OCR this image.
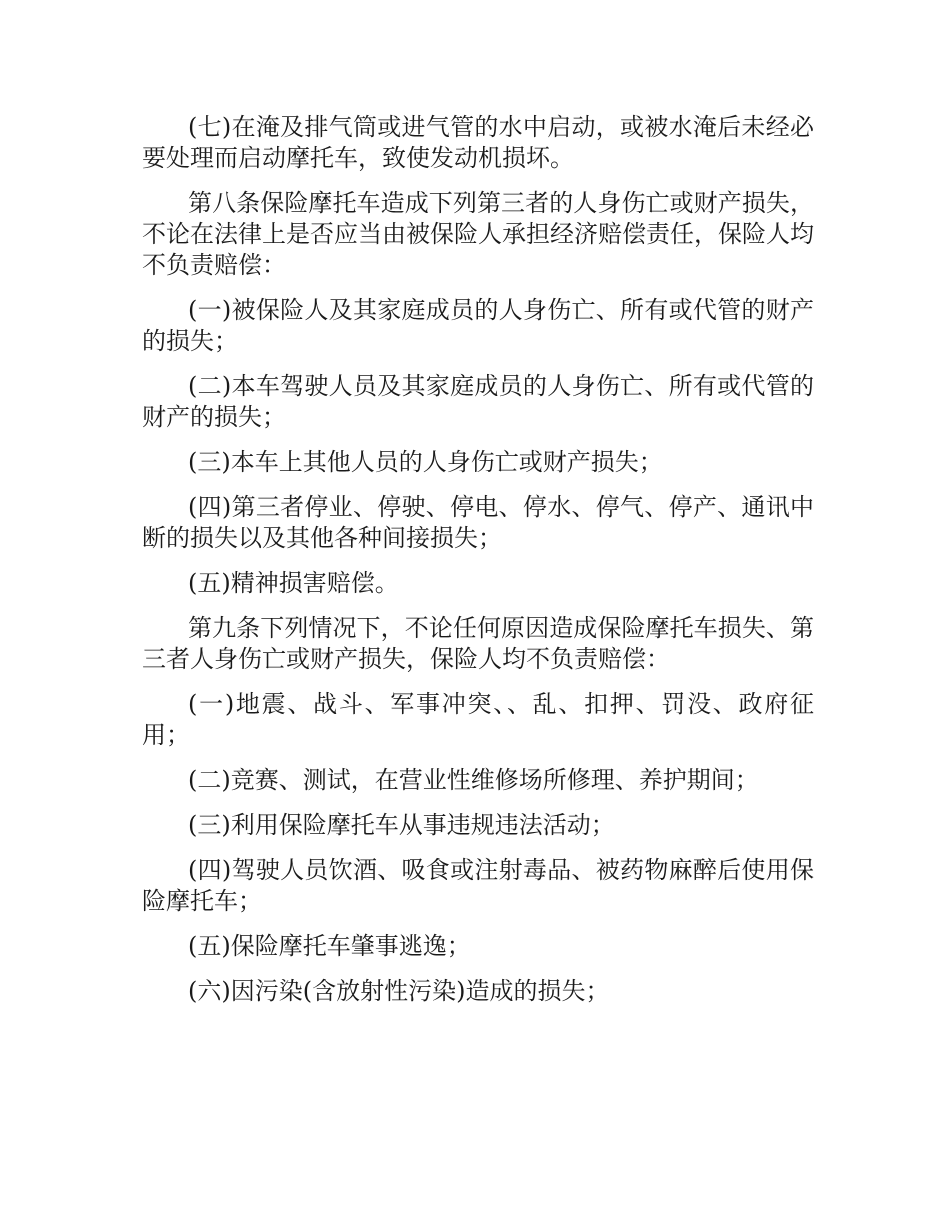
(七)在淹及排气筒或进气管的水中启动，或被水淹后未经必要处理而启动摩托车，致使发动机损坏。

第八条保险摩托车造成下列第三者的人身伤亡或财产损失，不论在法律上是否应当由被保险人承担经济赔偿责任，保险人均不负责赔偿：

(一)被保险人及其家庭成员的人身伤亡、所有或代管的财产的损失；

(二)本车驾驶人员及其家庭成员的人身伤亡、所有或代管的财产的损失；

(三)本车上其他人员的人身伤亡或财产损失；

(四)第三者停业、停驶、停电、停水、停气、停产、通讯中断的损失以及其他各种间接损失；

(五)精神损害赔偿。

第九条下列情况下，不论任何原因造成保险摩托车损失、第三者人身伤亡或财产损失，保险人均不负责赔偿：

(一)地震、战斗、军事冲突、、乱、扣押、罚没、政府征用；

(二)竞赛、测试，在营业性维修场所修理、养护期间；

(三)利用保险摩托车从事违规违法活动；

(四)驾驶人员饮酒、吸食或注射毒品、被药物麻醉后使用保险摩托车；

(五)保险摩托车肇事逃逸；

(六)因污染(含放射性污染)造成的损失；
